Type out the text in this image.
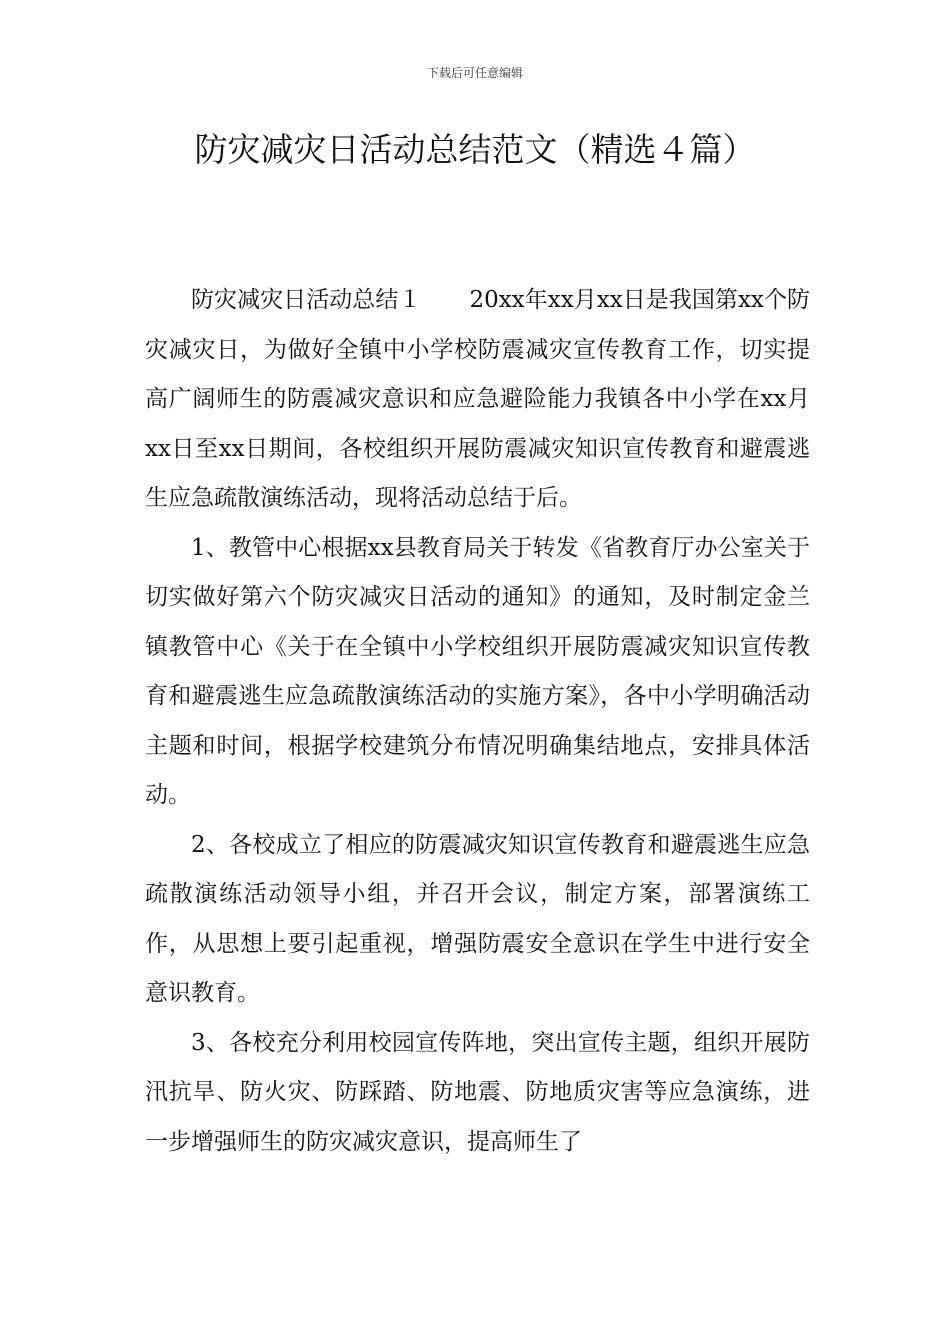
下载后可任意编辑
防灾减灾日活动总结范文（精选４篇）

防灾减灾日活动总结１ 20xx年xx月xx日是我国第xx个防灾减灾日，为做好全镇中小学校防震减灾宣传教育工作，切实提高广阔师生的防震减灾意识和应急避险能力我镇各中小学在xx月xx日至xx日期间，各校组织开展防震减灾知识宣传教育和避震逃生应急疏散演练活动，现将活动总结于后。

1、教管中心根据xx县教育局关于转发《省教育厅办公室关于切实做好第六个防灾减灾日活动的通知》的通知，及时制定金兰镇教管中心《关于在全镇中小学校组织开展防震减灾知识宣传教育和避震逃生应急疏散演练活动的实施方案》，各中小学明确活动主题和时间，根据学校建筑分布情况明确集结地点，安排具体活动。

2、各校成立了相应的防震减灾知识宣传教育和避震逃生应急疏散演练活动领导小组，并召开会议，制定方案，部署演练工作，从思想上要引起重视，增强防震安全意识在学生中进行安全意识教育。

3、各校充分利用校园宣传阵地，突出宣传主题，组织开展防汛抗旱、防火灾、防踩踏、防地震、防地质灾害等应急演练，进一步增强师生的防灾减灾意识，提高师生了
